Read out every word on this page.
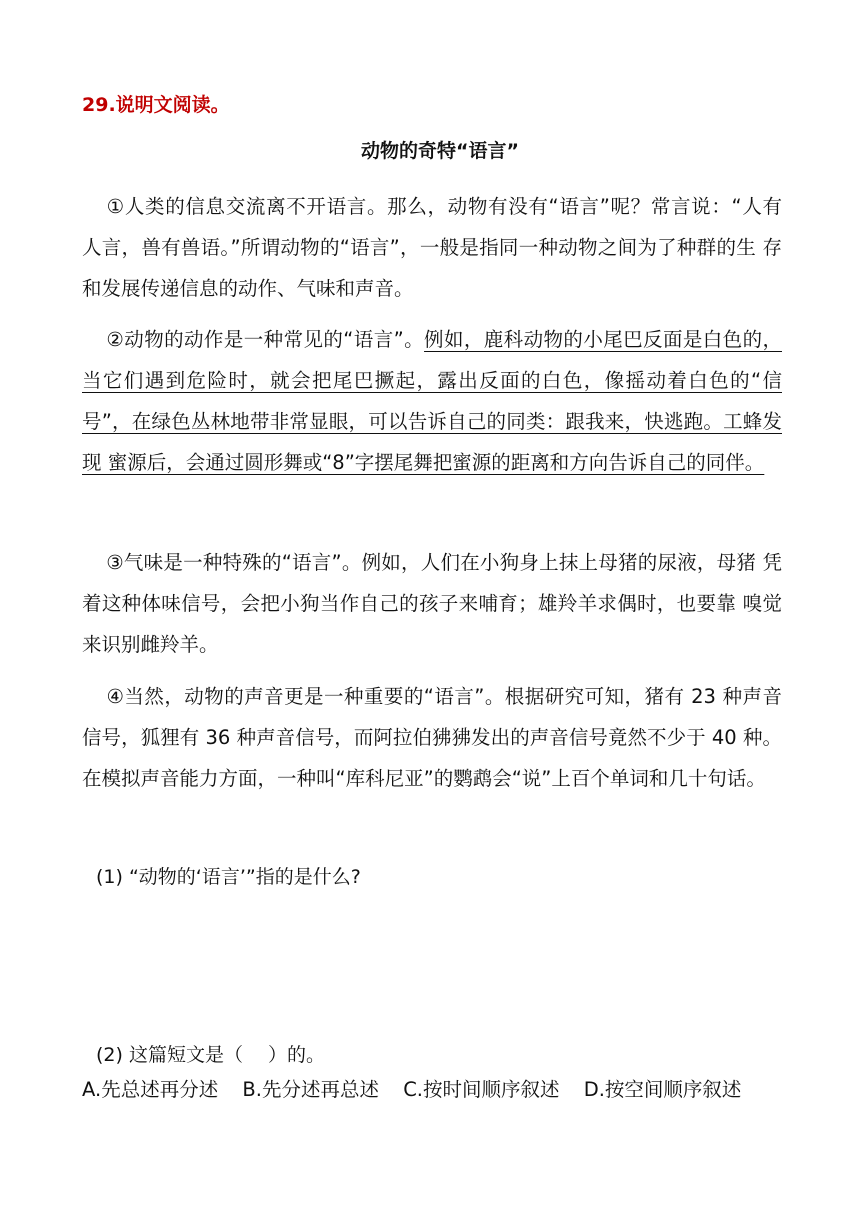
29.说明文阅读。
动物的奇特“语言”
①人类的信息交流离不开语言。那么，动物有没有“语言”呢？常言说：“人有 人言，兽有兽语。”所谓动物的“语言”，一般是指同一种动物之间为了种群的生 存和发展传递信息的动作、气味和声音。
②动物的动作是一种常见的“语言”。例如，鹿科动物的小尾巴反面是白色的，当它们遇到危险时，就会把尾巴撅起，露出反面的白色，像摇动着白色的“信号”，在绿色丛林地带非常显眼，可以告诉自己的同类：跟我来，快逃跑。工蜂发现 蜜源后，会通过圆形舞或“8”字摆尾舞把蜜源的距离和方向告诉自己的同伴。
③气味是一种特殊的“语言”。例如，人们在小狗身上抹上母猪的尿液，母猪 凭着这种体味信号，会把小狗当作自己的孩子来哺育；雄羚羊求偶时，也要靠 嗅觉来识别雌羚羊。
④当然，动物的声音更是一种重要的“语言”。根据研究可知，猪有 23 种声音 信号，狐狸有 36 种声音信号，而阿拉伯狒狒发出的声音信号竟然不少于 40 种。 在模拟声音能力方面，一种叫“库科尼亚”的鹦鹉会“说”上百个单词和几十句话。
(1) “动物的‘语言’”指的是什么?
(2) 这篇短文是（　 ）的。
A.先总述再分述 B.先分述再总述 C.按时间顺序叙述 D.按空间顺序叙述
